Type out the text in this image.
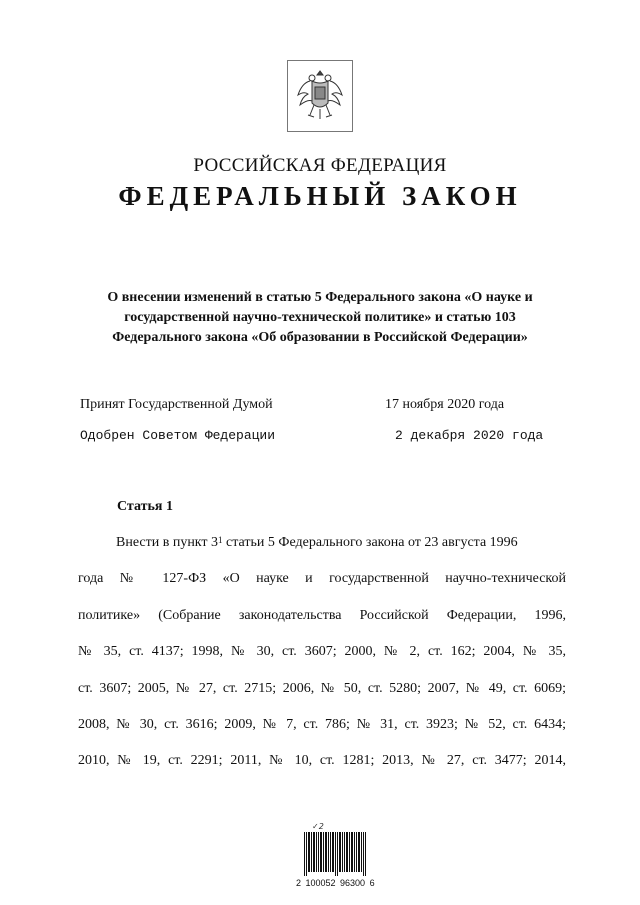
РОССИЙСКАЯ ФЕДЕРАЦИЯ
ФЕДЕРАЛЬНЫЙ ЗАКОН
О внесении изменений в статью 5 Федерального закона «О науке и
государственной научно-технической политике» и статью 103
Федерального закона «Об образовании в Российской Федерации»
Принят Государственной Думой	17 ноября 2020 года
Одобрен Советом Федерации	2 декабря 2020 года
Статья 1
Внести в пункт $3^1$ статьи 5 Федерального закона от 23 августа 1996
года № 127-ФЗ «О науке и государственной научно-технической
политике» (Собрание законодательства Российской Федерации, 1996,
№ 35, ст. 4137; 1998, № 30, ст. 3607; 2000, № 2, ст. 162; 2004, № 35,
ст. 3607; 2005, № 27, ст. 2715; 2006, № 50, ст. 5280; 2007, № 49, ст. 6069;
2008, № 30, ст. 3616; 2009, № 7, ст. 786; № 31, ст. 3923; № 52, ст. 6434;
2010, № 19, ст. 2291; 2011, № 10, ст. 1281; 2013, № 27, ст. 3477; 2014,
✓2
2 100052 96300 6
